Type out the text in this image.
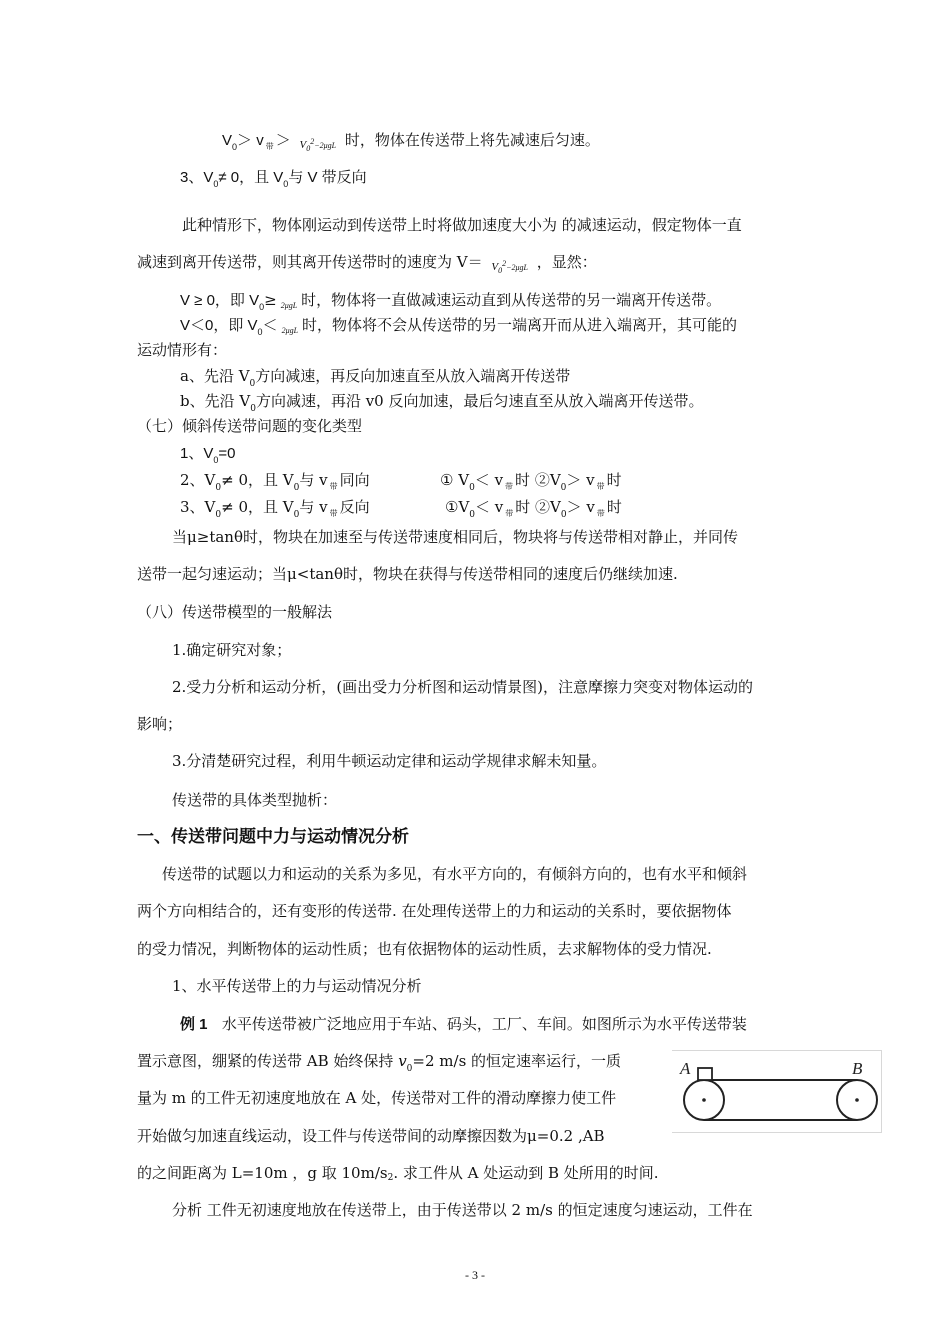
$V_0> v$ $_带$ ＞ $_{V_0^2-2\mu gL}$ 时，物体在传送带上将先减速后匀速。
3、$V_0\ne 0$，且 $V_0$与 V 带反向
此种情形下，物体刚运动到传送带上时将做加速度大小为 的减速运动，假定物体一直
减速到离开传送带，则其离开传送带时的速度为 V＝ $_{V_0^2-2\mu gL}$ ，显然：
V ≥ 0，即 $V_0\ge _{2\mu gL}$ 时，物体将一直做减速运动直到从传送带的另一端离开传送带。
V＜0，即 $V_0< _{2\mu gL}$ 时，物体将不会从传送带的另一端离开而从进入端离开，其可能的
运动情形有：
a、先沿 $V_0$方向减速，再反向加速直至从放入端离开传送带
b、先沿 $V_0$方向减速，再沿 v0 反向加速，最后匀速直至从放入端离开传送带。
（七）倾斜传送带问题的变化类型
1、$V_0=0$
2、$V_0\ne 0$，且 $V_0$与 v $_带$ 同向	① $V_0< v$ $_带$ 时 $②V_0> v$ $_带$ 时
3、$V_0\ne 0$，且 $V_0$与 v $_带$ 反向	$①V_0< v$ $_带$ 时 $②V_0> v$ $_带$ 时
当μ≥tanθ时，物块在加速至与传送带速度相同后，物块将与传送带相对静止，并同传
送带一起匀速运动；当μ<tanθ时，物块在获得与传送带相同的速度后仍继续加速.
（八）传送带模型的一般解法
1.确定研究对象；
2.受力分析和运动分析，(画出受力分析图和运动情景图)，注意摩擦力突变对物体运动的
影响；
3.分清楚研究过程，利用牛顿运动定律和运动学规律求解未知量。
传送带的具体类型抛析：
一、传送带问题中力与运动情况分析
传送带的试题以力和运动的关系为多见，有水平方向的，有倾斜方向的，也有水平和倾斜
两个方向相结合的，还有变形的传送带. 在处理传送带上的力和运动的关系时，要依据物体
的受力情况，判断物体的运动性质；也有依据物体的运动性质，去求解物体的受力情况.
1、水平传送带上的力与运动情况分析
例 1 水平传送带被广泛地应用于车站、码头，工厂、车间。如图所示为水平传送带装
置示意图，绷紧的传送带 AB 始终保持 $v_0=2$ m/s 的恒定速率运行，一质
量为 m 的工件无初速度地放在 A 处，传送带对工件的滑动摩擦力使工件
开始做匀加速直线运动，设工件与传送带间的动摩擦因数为μ=0.2 ,AB
的之间距离为 L=10m ，g 取 10m/s2. 求工件从 A 处运动到 B 处所用的时间.
分析 工件无初速度地放在传送带上，由于传送带以 2 m/s 的恒定速度匀速运动，工件在
A	B
- 3 -
